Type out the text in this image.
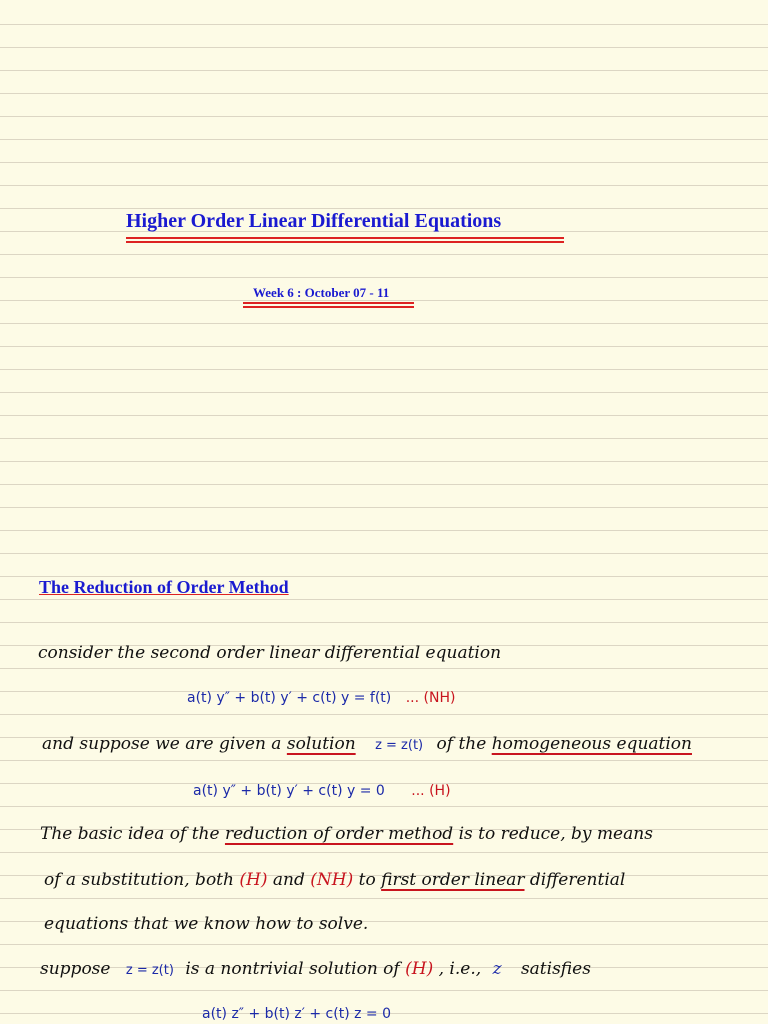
Higher Order Linear Differential Equations
Week 6 : October 07 - 11
The Reduction of Order Method
consider the second order linear differential equation
a(t) y″ + b(t) y′ + c(t) y = f(t) ... (NH)
and suppose we are given a solution z = z(t) of the homogeneous equation
a(t) y″ + b(t) y′ + c(t) y = 0 ... (H)
The basic idea of the reduction of order method is to reduce, by means
of a substitution, both (H) and (NH) to first order linear differential
equations that we know how to solve.
suppose z = z(t) is a nontrivial solution of (H) , i.e., z satisfies
a(t) z″ + b(t) z′ + c(t) z = 0
